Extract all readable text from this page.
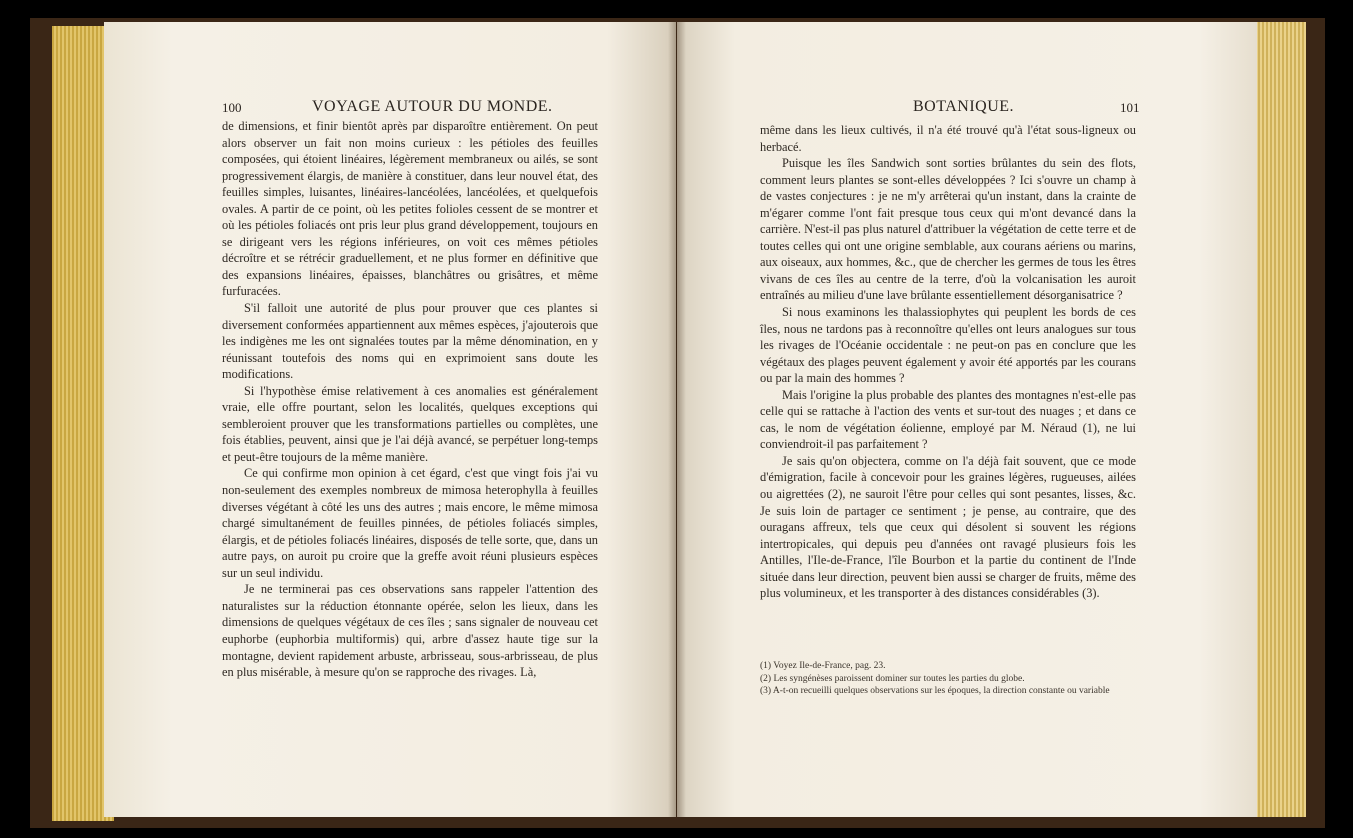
100	VOYAGE AUTOUR DU MONDE.

de dimensions, et finir bientôt après par disparoître entièrement. On peut alors observer un fait non moins curieux : les pétioles des feuilles composées, qui étoient linéaires, légèrement membraneux ou ailés, se sont progressivement élargis, de manière à constituer, dans leur nouvel état, des feuilles simples, luisantes, linéaires-lancéolées, lancéolées, et quelquefois ovales. A partir de ce point, où les petites folioles cessent de se montrer et où les pétioles foliacés ont pris leur plus grand développement, toujours en se dirigeant vers les régions inférieures, on voit ces mêmes pétioles décroître et se rétrécir graduellement, et ne plus former en définitive que des expansions linéaires, épaisses, blanchâtres ou grisâtres, et même furfuracées.

S'il falloit une autorité de plus pour prouver que ces plantes si diversement conformées appartiennent aux mêmes espèces, j'ajouterois que les indigènes me les ont signalées toutes par la même dénomination, en y réunissant toutefois des noms qui en exprimoient sans doute les modifications.

Si l'hypothèse émise relativement à ces anomalies est généralement vraie, elle offre pourtant, selon les localités, quelques exceptions qui sembleroient prouver que les transformations partielles ou complètes, une fois établies, peuvent, ainsi que je l'ai déjà avancé, se perpétuer long-temps et peut-être toujours de la même manière.

Ce qui confirme mon opinion à cet égard, c'est que vingt fois j'ai vu non-seulement des exemples nombreux de mimosa heterophylla à feuilles diverses végétant à côté les uns des autres ; mais encore, le même mimosa chargé simultanément de feuilles pinnées, de pétioles foliacés simples, élargis, et de pétioles foliacés linéaires, disposés de telle sorte, que, dans un autre pays, on auroit pu croire que la greffe avoit réuni plusieurs espèces sur un seul individu.

Je ne terminerai pas ces observations sans rappeler l'attention des naturalistes sur la réduction étonnante opérée, selon les lieux, dans les dimensions de quelques végétaux de ces îles ; sans signaler de nouveau cet euphorbe (euphorbia multiformis) qui, arbre d'assez haute tige sur la montagne, devient rapidement arbuste, arbrisseau, sous-arbrisseau, de plus en plus misérable, à mesure qu'on se rapproche des rivages. Là,

BOTANIQUE.	101

même dans les lieux cultivés, il n'a été trouvé qu'à l'état sous-ligneux ou herbacé.

Puisque les îles Sandwich sont sorties brûlantes du sein des flots, comment leurs plantes se sont-elles développées ? Ici s'ouvre un champ à de vastes conjectures : je ne m'y arrêterai qu'un instant, dans la crainte de m'égarer comme l'ont fait presque tous ceux qui m'ont devancé dans la carrière. N'est-il pas plus naturel d'attribuer la végétation de cette terre et de toutes celles qui ont une origine semblable, aux courans aériens ou marins, aux oiseaux, aux hommes, &c., que de chercher les germes de tous les êtres vivans de ces îles au centre de la terre, d'où la volcanisation les auroit entraînés au milieu d'une lave brûlante essentiellement désorganisatrice ?

Si nous examinons les thalassiophytes qui peuplent les bords de ces îles, nous ne tardons pas à reconnoître qu'elles ont leurs analogues sur tous les rivages de l'Océanie occidentale : ne peut-on pas en conclure que les végétaux des plages peuvent également y avoir été apportés par les courans ou par la main des hommes ?

Mais l'origine la plus probable des plantes des montagnes n'est-elle pas celle qui se rattache à l'action des vents et sur-tout des nuages ; et dans ce cas, le nom de végétation éolienne, employé par M. Néraud (1), ne lui conviendroit-il pas parfaitement ?

Je sais qu'on objectera, comme on l'a déjà fait souvent, que ce mode d'émigration, facile à concevoir pour les graines légères, rugueuses, ailées ou aigrettées (2), ne sauroit l'être pour celles qui sont pesantes, lisses, &c. Je suis loin de partager ce sentiment ; je pense, au contraire, que des ouragans affreux, tels que ceux qui désolent si souvent les régions intertropicales, qui depuis peu d'années ont ravagé plusieurs fois les Antilles, l'Ile-de-France, l'île Bourbon et la partie du continent de l'Inde située dans leur direction, peuvent bien aussi se charger de fruits, même des plus volumineux, et les transporter à des distances considérables (3).

(1) Voyez Ile-de-France, pag. 23.
(2) Les syngénèses paroissent dominer sur toutes les parties du globe.
(3) A-t-on recueilli quelques observations sur les époques, la direction constante ou variable
